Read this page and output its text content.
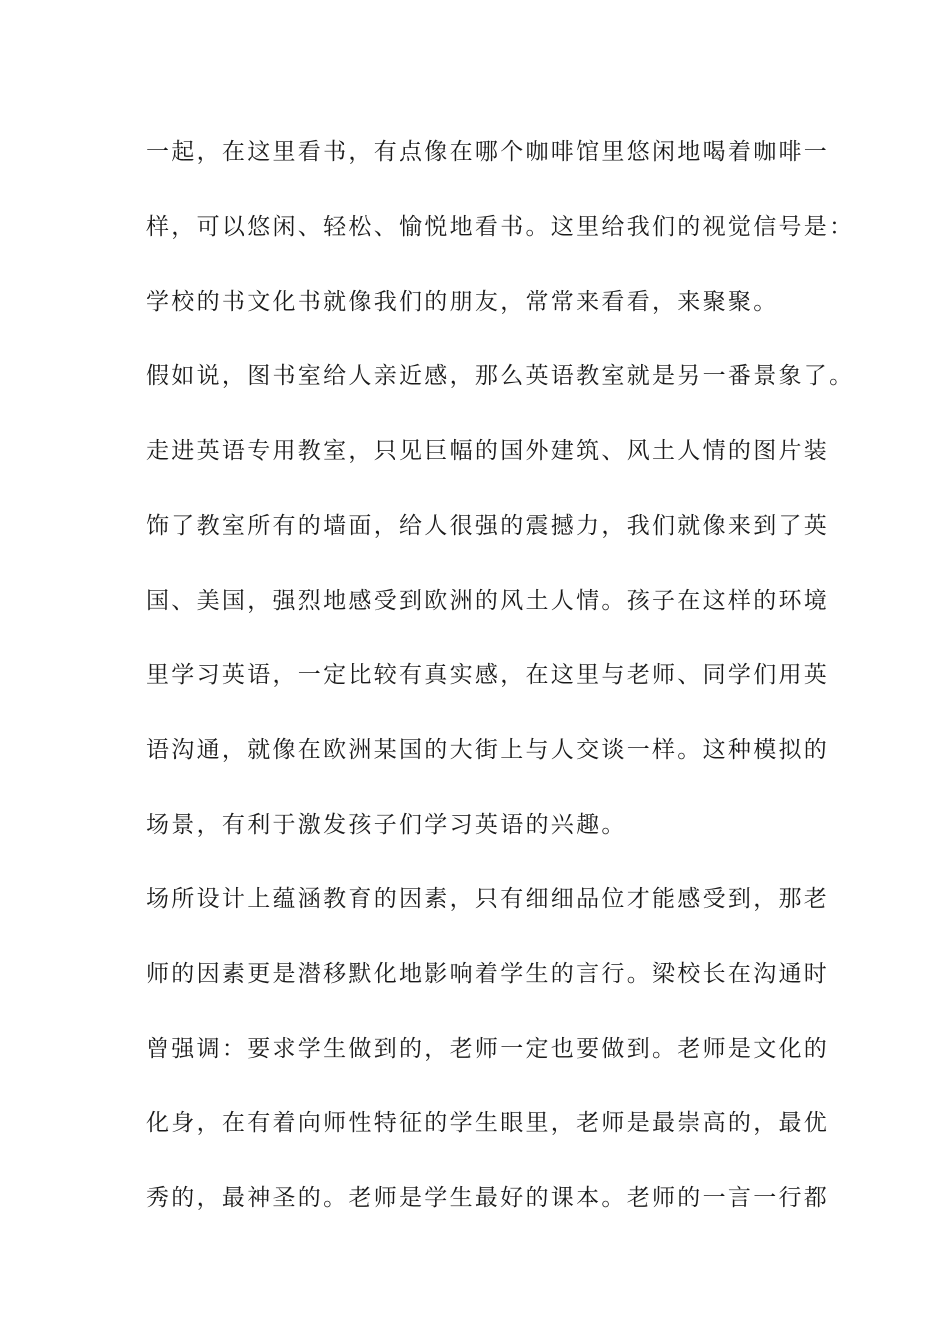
一起，在这里看书，有点像在哪个咖啡馆里悠闲地喝着咖啡一
样，可以悠闲、轻松、愉悦地看书。这里给我们的视觉信号是：
学校的书文化书就像我们的朋友，常常来看看，来聚聚。
假如说，图书室给人亲近感，那么英语教室就是另一番景象了。
走进英语专用教室，只见巨幅的国外建筑、风土人情的图片装
饰了教室所有的墙面，给人很强的震撼力，我们就像来到了英
国、美国，强烈地感受到欧洲的风土人情。孩子在这样的环境
里学习英语，一定比较有真实感，在这里与老师、同学们用英
语沟通，就像在欧洲某国的大街上与人交谈一样。这种模拟的
场景，有利于激发孩子们学习英语的兴趣。
场所设计上蕴涵教育的因素，只有细细品位才能感受到，那老
师的因素更是潜移默化地影响着学生的言行。梁校长在沟通时
曾强调：要求学生做到的，老师一定也要做到。老师是文化的
化身，在有着向师性特征的学生眼里，老师是最崇高的，最优
秀的，最神圣的。老师是学生最好的课本。老师的一言一行都
